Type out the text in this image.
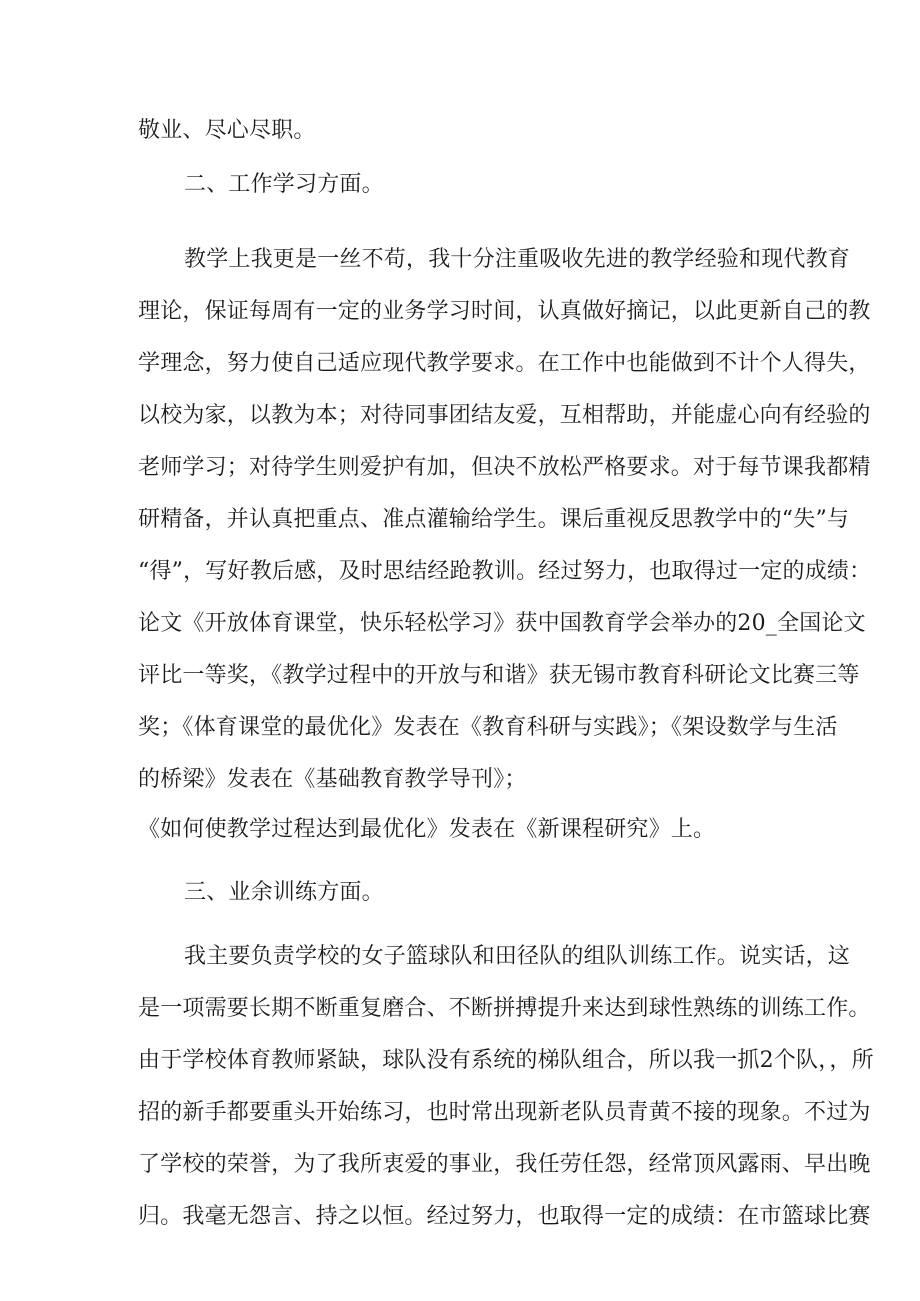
敬业、尽心尽职。
二、工作学习方面。
教学上我更是一丝不苟，我十分注重吸收先进的教学经验和现代教育
理论，保证每周有一定的业务学习时间，认真做好摘记，以此更新自己的教
学理念，努力使自己适应现代教学要求。在工作中也能做到不计个人得失，
以校为家，以教为本；对待同事团结友爱，互相帮助，并能虚心向有经验的
老师学习；对待学生则爱护有加，但决不放松严格要求。对于每节课我都精
研精备，并认真把重点、准点灌输给学生。课后重视反思教学中的“失”与
“得”，写好教后感，及时思结经跄教训。经过努力，也取得过一定的成绩：
论文《开放体育课堂，快乐轻松学习》获中国教育学会举办的20_全国论文
评比一等奖，《教学过程中的开放与和谐》获无锡市教育科研论文比赛三等
奖；《体育课堂的最优化》发表在《教育科研与实践》；《架设数学与生活
的桥梁》发表在《基础教育教学导刊》；
《如何使教学过程达到最优化》发表在《新课程研究》上。
三、业余训练方面。
我主要负责学校的女子篮球队和田径队的组队训练工作。说实话，这
是一项需要长期不断重复磨合、不断拼搏提升来达到球性熟练的训练工作。
由于学校体育教师紧缺，球队没有系统的梯队组合，所以我一抓2个队，，所
招的新手都要重头开始练习，也时常出现新老队员青黄不接的现象。不过为
了学校的荣誉，为了我所衷爱的事业，我任劳任怨，经常顶风露雨、早出晚
归。我毫无怨言、持之以恒。经过努力，也取得一定的成绩：在市篮球比赛
